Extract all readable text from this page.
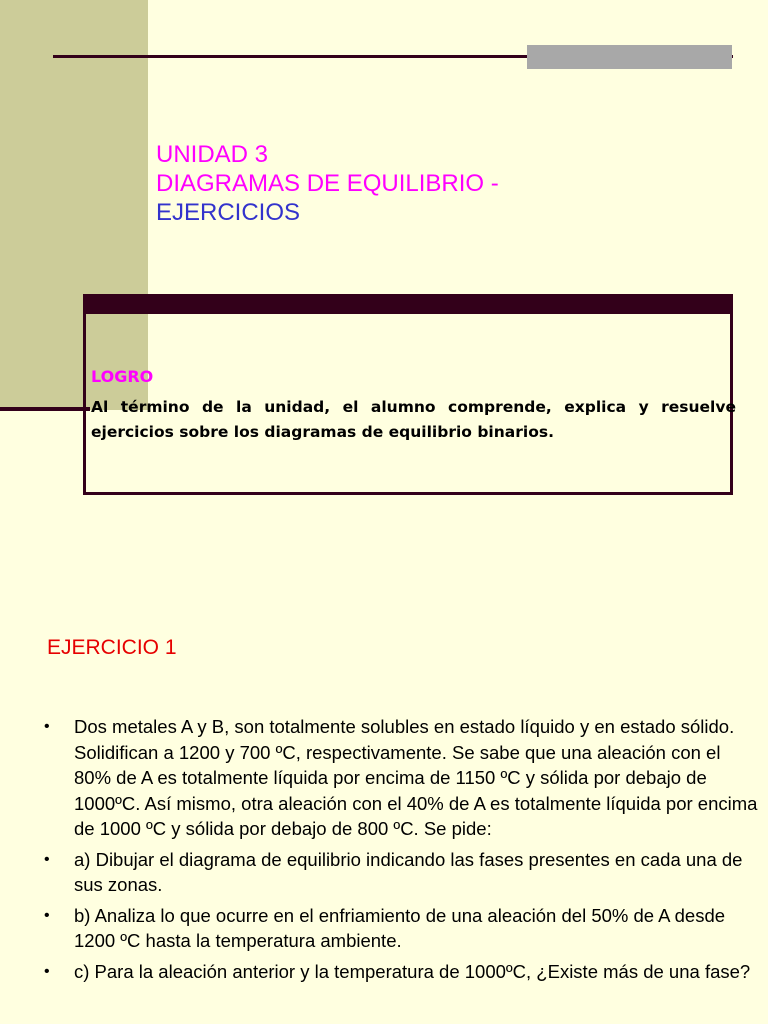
UNIDAD 3
DIAGRAMAS DE EQUILIBRIO -
EJERCICIOS
LOGRO
Al término de la unidad, el alumno comprende, explica y resuelve ejercicios sobre los diagramas de equilibrio binarios.
EJERCICIO 1
• Dos metales A y B, son totalmente solubles en estado líquido y en estado sólido. Solidifican a 1200 y 700 ºC, respectivamente. Se sabe que una aleación con el 80% de A es totalmente líquida por encima de 1150 ºC y sólida por debajo de 1000ºC. Así mismo, otra aleación con el 40% de A es totalmente líquida por encima de 1000 ºC y sólida por debajo de 800 ºC. Se pide:
• a) Dibujar el diagrama de equilibrio indicando las fases presentes en cada una de sus zonas.
• b) Analiza lo que ocurre en el enfriamiento de una aleación del 50% de A desde 1200 ºC hasta la temperatura ambiente.
• c) Para la aleación anterior y la temperatura de 1000ºC, ¿Existe más de una fase?
